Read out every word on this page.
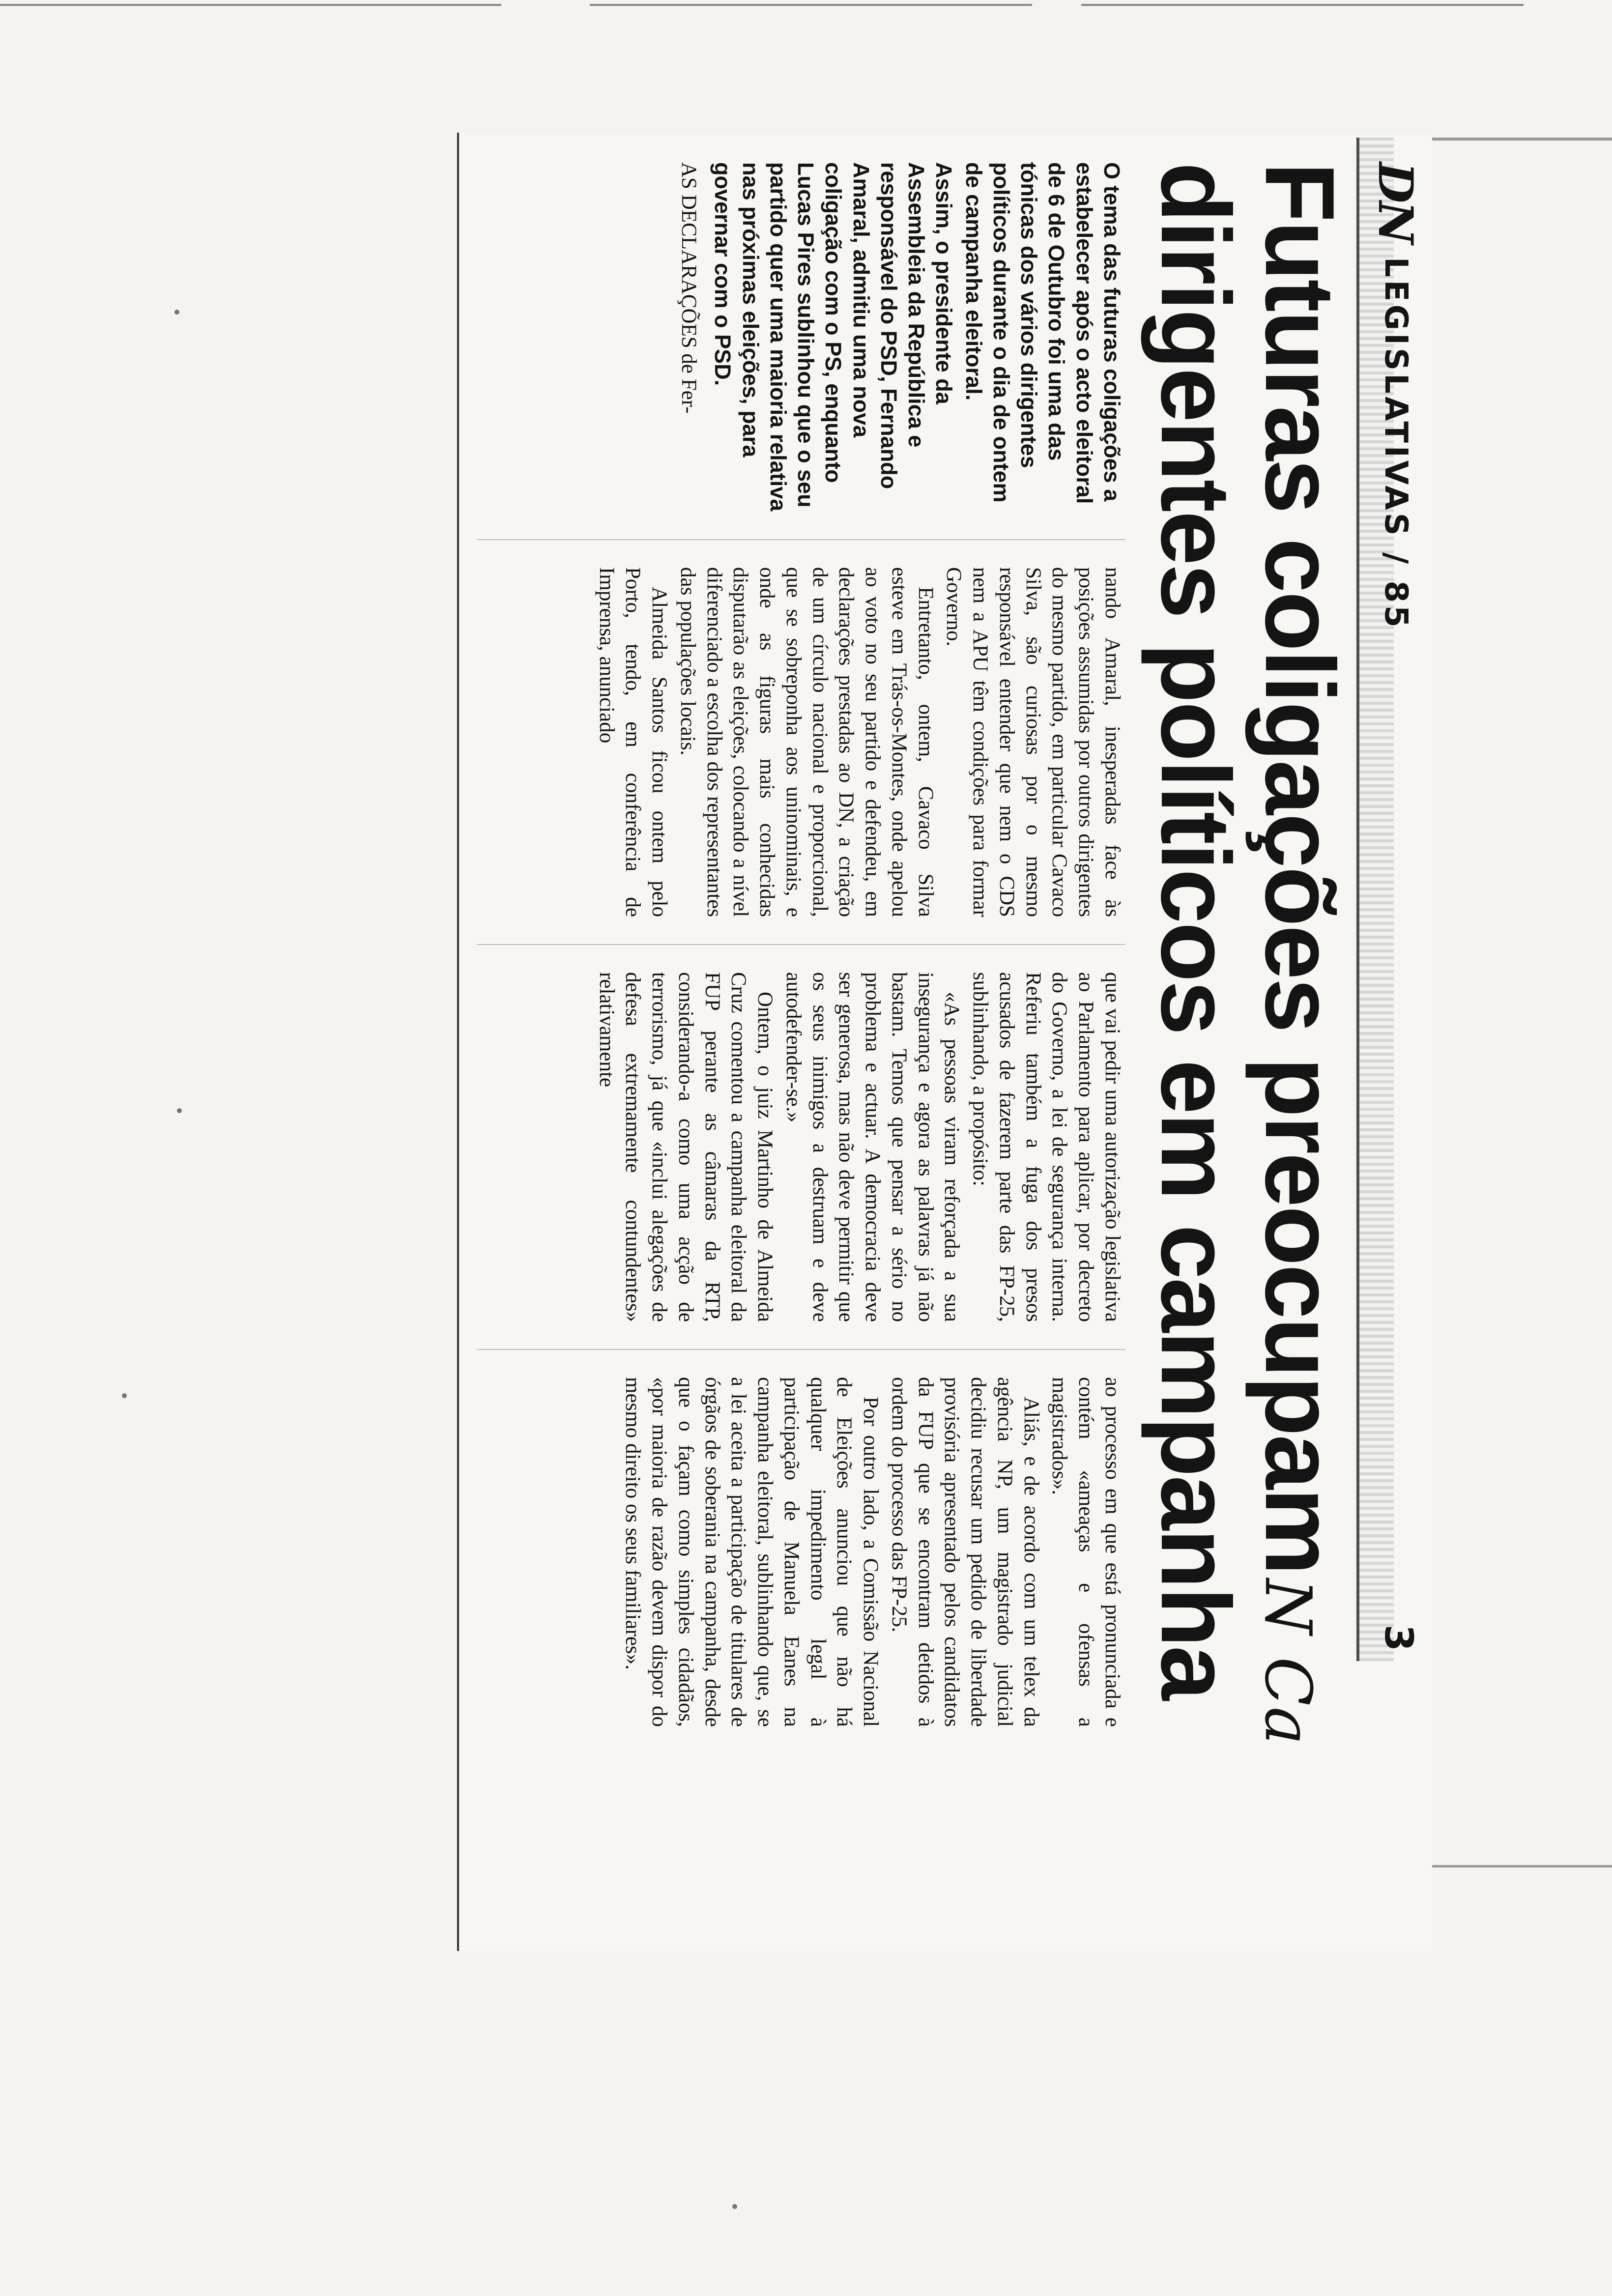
DN
LEGISLATIVAS / 85
3
Futuras coligações preocupamN Ca
dirigentes políticos em campanha

O tema das futuras coligações a estabelecer após o acto eleitoral de 6 de Outubro foi uma das tónicas dos vários dirigentes políticos durante o dia de ontem de campanha eleitoral.

Assim, o presidente da Assembleia da República e responsável do PSD, Fernando Amaral, admitiu uma nova coligação com o PS, enquanto Lucas Pires sublinhou que o seu partido quer uma maioria relativa nas próximas eleições, para governar com o PSD.

AS DECLARAÇÕES de Fer-

nando Amaral, inesperadas face às posições assumidas por outros dirigentes do mesmo partido, em particular Cavaco Silva, são curiosas por o mesmo responsável entender que nem o CDS nem a APU têm condições para formar Governo.

Entretanto, ontem, Cavaco Silva esteve em Trás-os-Montes, onde apelou ao voto no seu partido e defendeu, em declarações prestadas ao DN, a criação de um círculo nacional e proporcional, que se sobreponha aos uninominais, e onde as figuras mais conhecidas disputarão as eleições, colocando a nível diferenciado a escolha dos representantes das populações locais.

Almeida Santos ficou ontem pelo Porto, tendo, em conferência de Imprensa, anunciado

que vai pedir uma autorização legislativa ao Parlamento para aplicar, por decreto do Governo, a lei de segurança interna. Referiu também a fuga dos presos acusados de fazerem parte das FP-25, sublinhando, a propósito:

«As pessoas viram reforçada a sua insegurança e agora as palavras já não bastam. Temos que pensar a sério no problema e actuar. A democracia deve ser generosa, mas não deve permitir que os seus inimigos a destruam e deve autodefender-se.»

Ontem, o juiz Martinho de Almeida Cruz comentou a campanha eleitoral da FUP perante as câmaras da RTP, considerando-a como uma acção de terrorismo, já que «inclui alegações de defesa extremamente contundentes» relativamente

ao processo em que está pronunciada e contém «ameaças e ofensas a magistrados».

Aliás, e de acordo com um telex da agência NP, um magistrado judicial decidiu recusar um pedido de liberdade provisória apresentado pelos candidatos da FUP que se encontram detidos à ordem do processo das FP-25.

Por outro lado, a Comissão Nacional de Eleições anunciou que não há qualquer impedimento legal à participação de Manuela Eanes na campanha eleitoral, sublinhando que, se a lei aceita a participação de titulares de órgãos de soberania na campanha, desde que o façam como simples cidadãos, «por maioria de razão devem dispor do mesmo direito os seus familiares».
